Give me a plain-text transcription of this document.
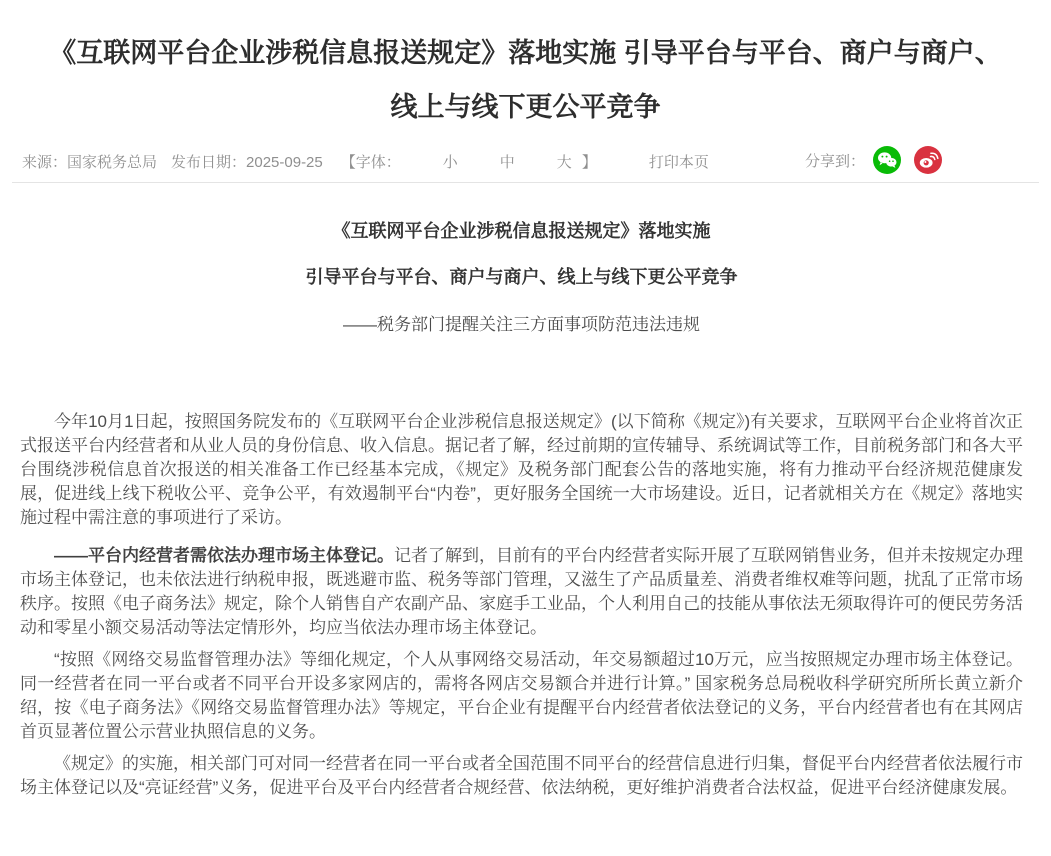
《互联网平台企业涉税信息报送规定》落地实施 引导平台与平台、商户与商户、线上与线下更公平竞争
来源：国家税务总局 发布日期：2025-09-25 【字体：	小	中	大 】	打印本页	分享到：
《互联网平台企业涉税信息报送规定》落地实施
引导平台与平台、商户与商户、线上与线下更公平竞争

——税务部门提醒关注三方面事项防范违法违规

今年10月1日起，按照国务院发布的《互联网平台企业涉税信息报送规定》(以下简称《规定》)有关要求，互联网平台企业将首次正式报送平台内经营者和从业人员的身份信息、收入信息。据记者了解，经过前期的宣传辅导、系统调试等工作，目前税务部门和各大平台围绕涉税信息首次报送的相关准备工作已经基本完成，《规定》及税务部门配套公告的落地实施，将有力推动平台经济规范健康发展，促进线上线下税收公平、竞争公平，有效遏制平台“内卷”，更好服务全国统一大市场建设。近日，记者就相关方在《规定》落地实施过程中需注意的事项进行了采访。

——平台内经营者需依法办理市场主体登记。记者了解到，目前有的平台内经营者实际开展了互联网销售业务，但并未按规定办理市场主体登记，也未依法进行纳税申报，既逃避市监、税务等部门管理，又滋生了产品质量差、消费者维权难等问题，扰乱了正常市场秩序。按照《电子商务法》规定，除个人销售自产农副产品、家庭手工业品，个人利用自己的技能从事依法无须取得许可的便民劳务活动和零星小额交易活动等法定情形外，均应当依法办理市场主体登记。

“按照《网络交易监督管理办法》等细化规定，个人从事网络交易活动，年交易额超过10万元，应当按照规定办理市场主体登记。同一经营者在同一平台或者不同平台开设多家网店的，需将各网店交易额合并进行计算。” 国家税务总局税收科学研究所所长黄立新介绍，按《电子商务法》《网络交易监督管理办法》等规定，平台企业有提醒平台内经营者依法登记的义务，平台内经营者也有在其网店首页显著位置公示营业执照信息的义务。

《规定》的实施，相关部门可对同一经营者在同一平台或者全国范围不同平台的经营信息进行归集，督促平台内经营者依法履行市场主体登记以及“亮证经营”义务，促进平台及平台内经营者合规经营、依法纳税，更好维护消费者合法权益，促进平台经济健康发展。
